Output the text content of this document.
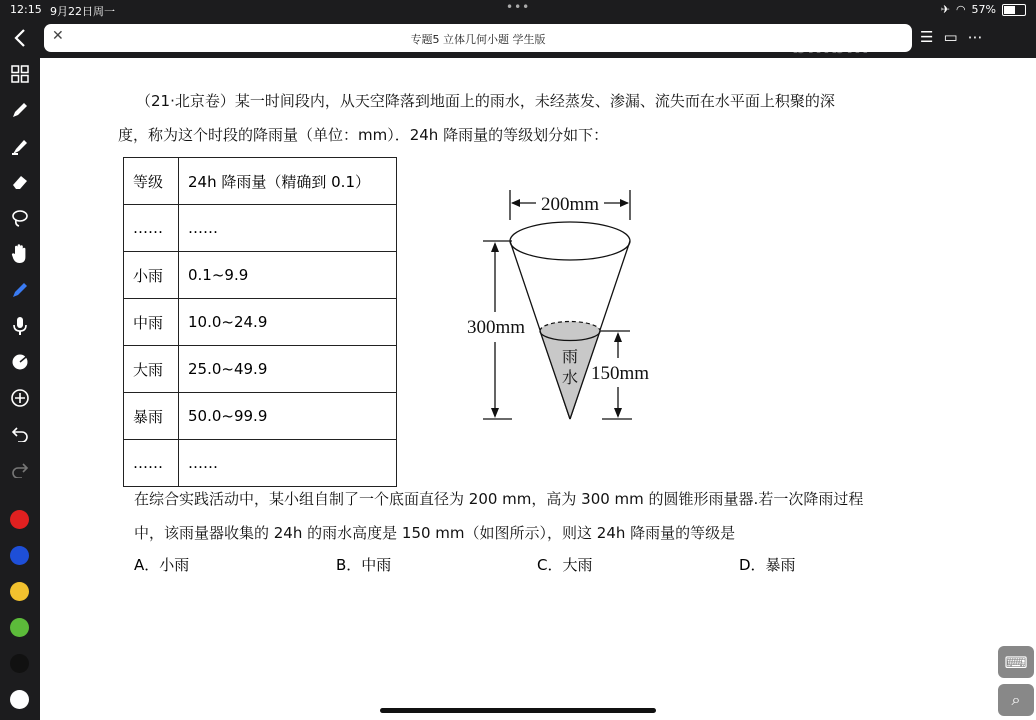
12:15 9月22日周一	•••	✈ ◠ 57%
✕	专题5 立体几何小题 学生版	bilibili	☰ ▭ ⋯
（21·北京卷）某一时间段内，从天空降落到地面上的雨水，未经蒸发、渗漏、流失而在水平面上积聚的深
度，称为这个时段的降雨量（单位：mm）．24h 降雨量的等级划分如下：
等级	24h 降雨量（精确到 0.1）
……	……
小雨	0.1~9.9
中雨	10.0~24.9
大雨	25.0~49.9
暴雨	50.0~99.9
……	……
200mm
雨
水
300mm
150mm
在综合实践活动中，某小组自制了一个底面直径为 200 mm，高为 300 mm 的圆锥形雨量器.若一次降雨过程
中，该雨量器收集的 24h 的雨水高度是 150 mm（如图所示），则这 24h 降雨量的等级是
A．小雨	B．中雨	C．大雨	D．暴雨
⌨
⌕
